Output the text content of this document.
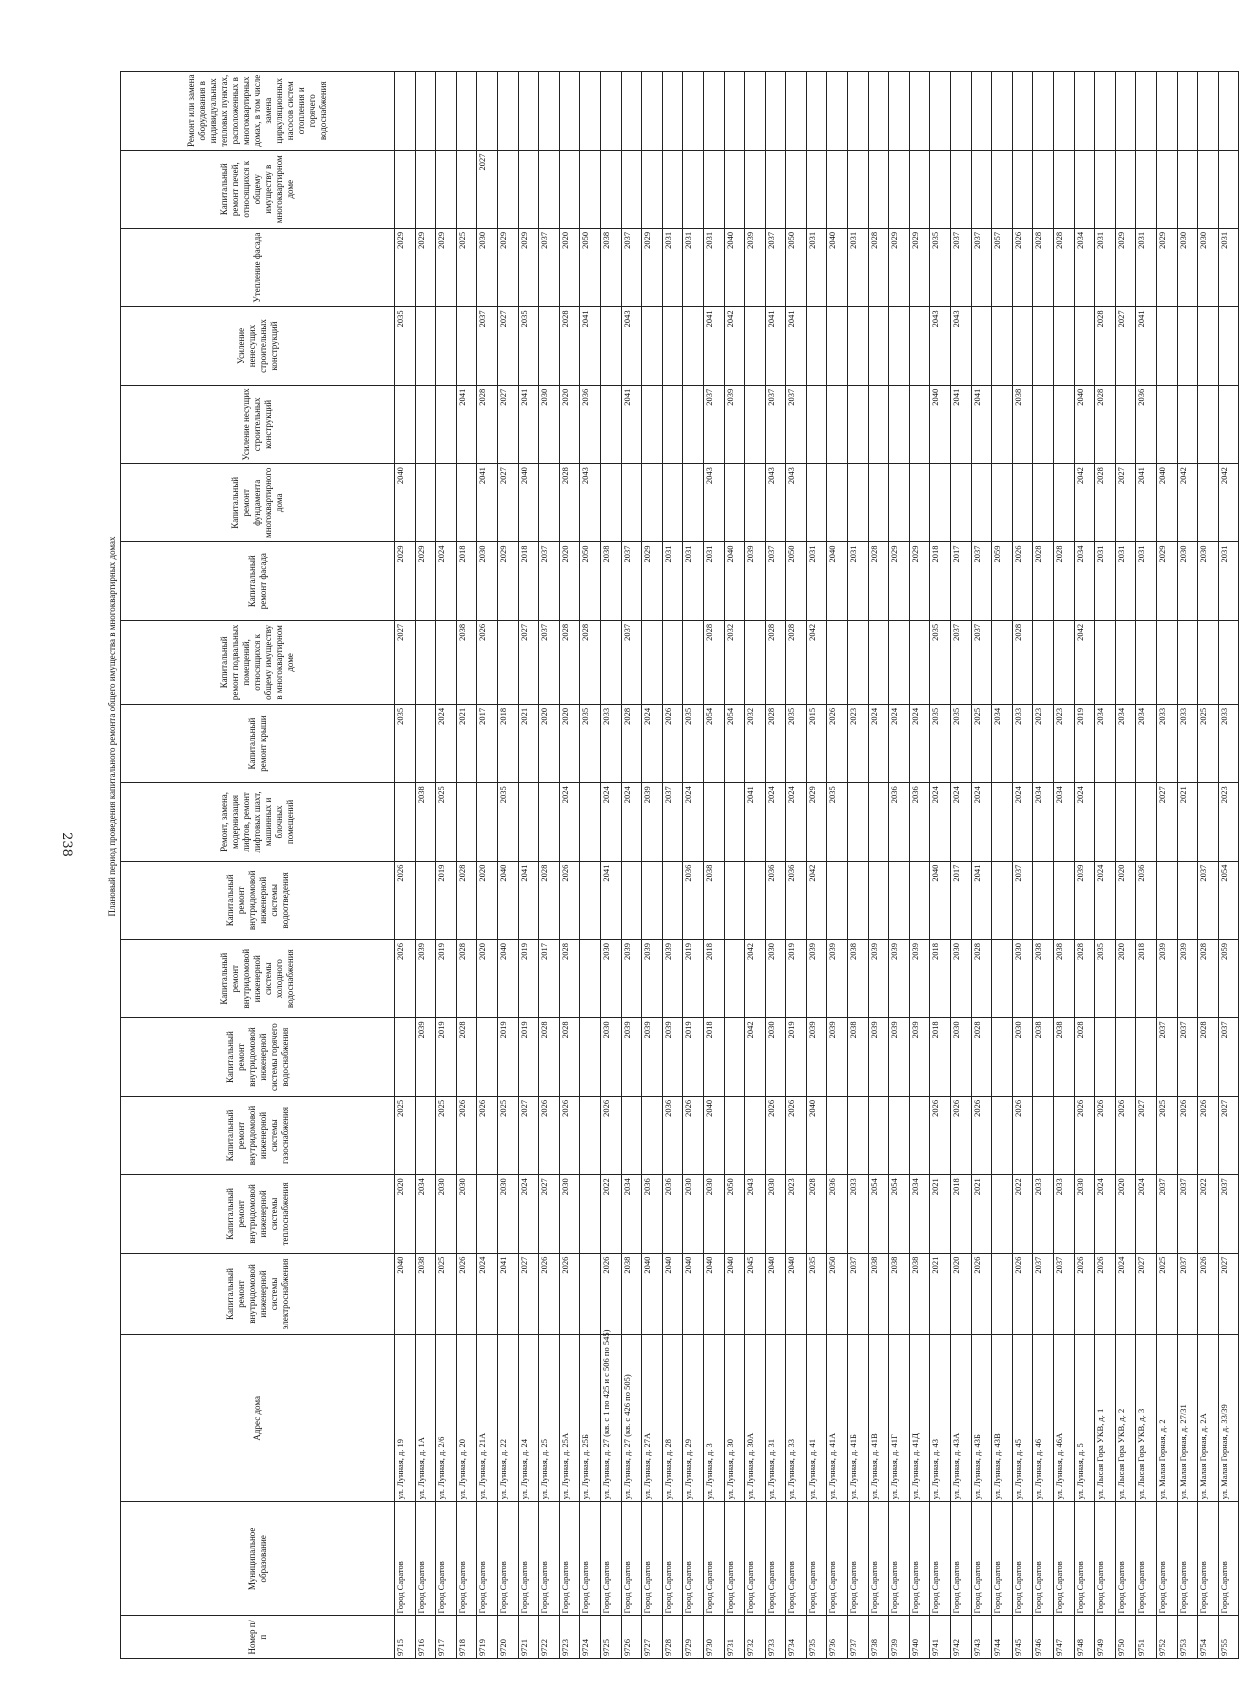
238	Плановый период проведения капитального ремонта общего имущества в многоквартирных домах
Номер п/п	Муниципальное образование	Адрес дома	Капитальный ремонт внутридомовой инженерной системы электроснабжения	Капитальный ремонт внутридомовой инженерной системы теплоснабжения	Капитальный ремонт внутридомовой инженерной системы газоснабжения	Капитальный ремонт внутридомовой инженерной системы горячего водоснабжения	Капитальный ремонт внутридомовой инженерной системы холодного водоснабжения	Капитальный ремонт внутридомовой инженерной системы водоотведения	Ремонт, замена, модернизация лифтов, ремонт лифтовых шахт, машинных и блочных помещений	Капитальный ремонт крыши	Капитальный ремонт подвальных помещений, относящихся к общему имуществу в многоквартирном доме	Капитальный ремонт фасада	Капитальный ремонт фундамента многоквартирного дома	Усиление несущих строительных конструкций	Усиление ненесущих строительных конструкций	Утепление фасада	Капитальный ремонт печей, относящихся к общему имуществу в многоквартирном доме	Ремонт или замена оборудования в индивидуальных тепловых пунктах, расположенных в многоквартирных домах, в том числе замена циркуляционных насосов систем отопления и горячего водоснабжения
9715	Город Саратов	ул. Лунная, д. 19	2040	2020	2025		2026	2026		2035	2027	2029	2040		2035	2029		
9716	Город Саратов	ул. Лунная, д. 1А	2038	2034		2039	2039		2038			2029				2029		
9717	Город Саратов	ул. Лунная, д. 2/6	2025	2030	2025	2019	2019	2019	2025	2024		2024				2029		
9718	Город Саратов	ул. Лунная, д. 20	2026	2030	2026	2028	2028	2028		2021	2038	2018		2041		2025		
9719	Город Саратов	ул. Лунная, д. 21А	2024		2026		2020	2020		2017	2026	2030	2041	2028	2037	2030	2027	
9720	Город Саратов	ул. Лунная, д. 22	2041	2030	2025	2019	2040	2040	2035	2018		2029	2027	2027	2027	2029		
9721	Город Саратов	ул. Лунная, д. 24	2027	2024	2027	2019	2019	2041		2021	2027	2018	2040	2041	2035	2029		
9722	Город Саратов	ул. Лунная, д. 25	2026	2027	2026	2028	2017	2028		2020	2037	2037		2030		2037		
9723	Город Саратов	ул. Лунная, д. 25А	2026	2030	2026	2028	2028	2026	2024	2020	2028	2020	2028	2020	2028	2020		
9724	Город Саратов	ул. Лунная, д. 25Б								2035	2028	2050	2043	2036	2041	2050		
9725	Город Саратов	ул. Лунная, д. 27 (кв. с 1 по 425 и с 506 по 545)	2026	2022	2026	2030	2030	2041	2024	2033		2038				2038		
9726	Город Саратов	ул. Лунная, д. 27 (кв. с 426 по 505)	2038	2034		2039	2039		2024	2028	2037	2037		2041	2043	2037		
9727	Город Саратов	ул. Лунная, д. 27А	2040	2036		2039	2039		2039	2024		2029				2029		
9728	Город Саратов	ул. Лунная, д. 28	2040	2036	2036	2039	2039		2037	2026		2031				2031		
9729	Город Саратов	ул. Лунная, д. 29	2040	2030	2026	2019	2019	2036	2024	2035		2031				2031		
9730	Город Саратов	ул. Лунная, д. 3	2040	2030	2040	2018	2018	2038		2054	2028	2031	2043	2037	2041	2031		
9731	Город Саратов	ул. Лунная, д. 30	2040	2050						2054	2032	2040		2039	2042	2040		
9732	Город Саратов	ул. Лунная, д. 30А	2045	2043		2042	2042		2041	2032		2039				2039		
9733	Город Саратов	ул. Лунная, д. 31	2040	2030	2026	2030	2030	2036	2024	2028	2028	2037	2043	2037	2041	2037		
9734	Город Саратов	ул. Лунная, д. 33	2040	2023	2026	2019	2019	2036	2024	2035	2028	2050	2043	2037	2041	2050		
9735	Город Саратов	ул. Лунная, д. 41	2035	2028	2040	2039	2039	2042	2029	2015	2042	2031				2031		
9736	Город Саратов	ул. Лунная, д. 41А	2050	2036		2039	2039		2035	2026		2040				2040		
9737	Город Саратов	ул. Лунная, д. 41Б	2037	2033		2038	2038			2023		2031				2031		
9738	Город Саратов	ул. Лунная, д. 41В	2038	2054		2039	2039			2024		2028				2028		
9739	Город Саратов	ул. Лунная, д. 41Г	2038	2054		2039	2039		2036	2024		2029				2029		
9740	Город Саратов	ул. Лунная, д. 41Д	2038	2034		2039	2039		2036	2024		2029				2029		
9741	Город Саратов	ул. Лунная, д. 43	2021	2021	2026	2018	2018	2040	2024	2035	2035	2018		2040	2043	2035		
9742	Город Саратов	ул. Лунная, д. 43А	2020	2018	2026	2030	2030	2017	2024	2035	2037	2017		2041	2043	2037		
9743	Город Саратов	ул. Лунная, д. 43Б	2026	2021	2026	2028	2028	2041	2024	2025	2037	2037		2041		2037		
9744	Город Саратов	ул. Лунная, д. 43В								2034		2059				2057		
9745	Город Саратов	ул. Лунная, д. 45	2026	2022	2026	2030	2030	2037	2024	2033	2028	2026		2038		2026		
9746	Город Саратов	ул. Лунная, д. 46	2037	2033		2038	2038		2034	2023		2028				2028		
9747	Город Саратов	ул. Лунная, д. 46А	2037	2033		2038	2038		2034	2023		2028				2028		
9748	Город Саратов	ул. Лунная, д. 5	2026	2030	2026	2028	2028	2039	2024	2019	2042	2034	2042	2040		2034		
9749	Город Саратов	ул. Лысая Гора УКВ, д. 1	2026	2024	2026		2035	2024		2034		2031	2028	2028	2028	2031		
9750	Город Саратов	ул. Лысая Гора УКВ, д. 2	2024	2020	2026		2020	2020		2034		2031	2027		2027	2029		
9751	Город Саратов	ул. Лысая Гора УКВ, д. 3	2027	2024	2027		2018	2036		2034		2031	2041	2036	2041	2031		
9752	Город Саратов	ул. Малая Горная, д. 2	2025	2037	2025	2037	2039		2027	2033		2029	2040			2029		
9753	Город Саратов	ул. Малая Горная, д. 27/31	2037	2037	2026	2037	2039		2021	2033		2030	2042			2030		
9754	Город Саратов	ул. Малая Горная, д. 2А	2026	2022	2026	2028	2028	2037		2025		2030				2030		
9755	Город Саратов	ул. Малая Горная, д. 33/39	2027	2037	2027	2037	2059	2054	2023	2033		2031	2042			2031		
